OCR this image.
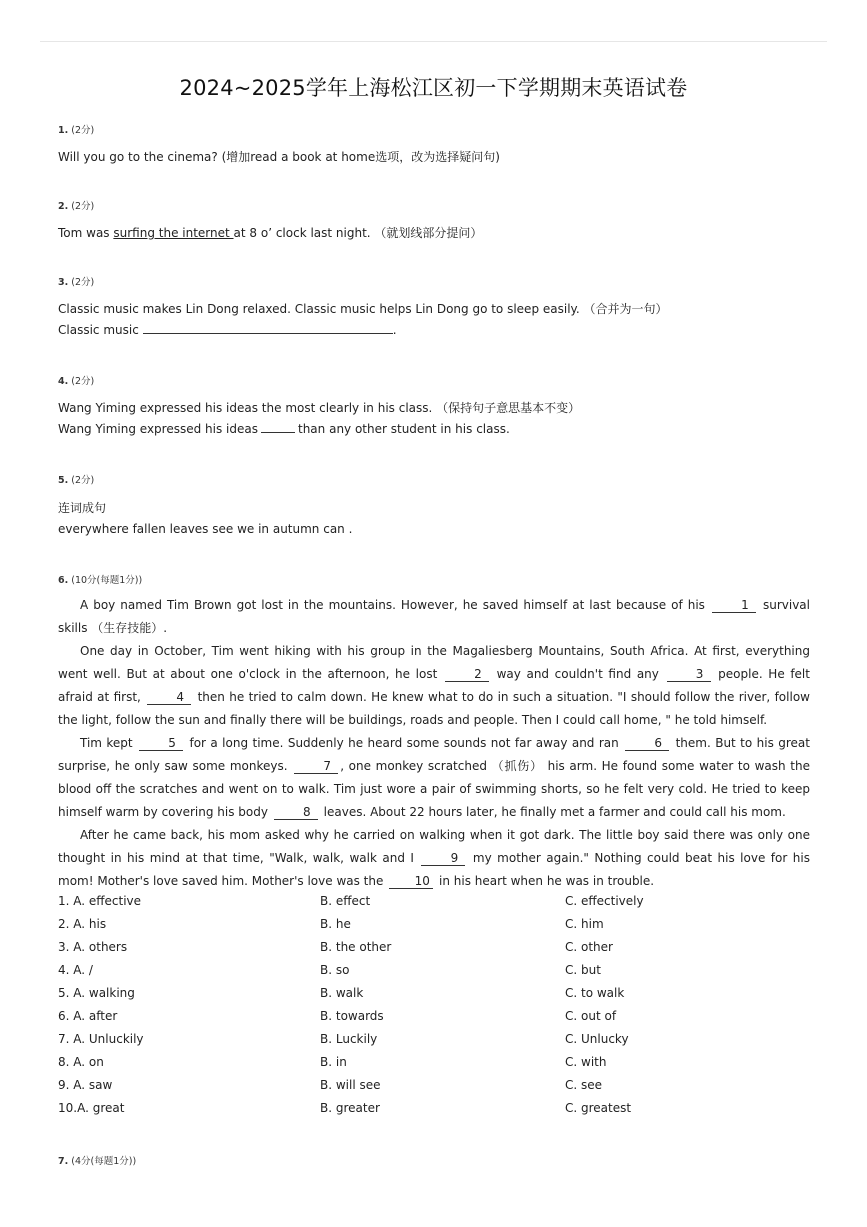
2024~2025学年上海松江区初一下学期期末英语试卷
1. (2分)
Will you go to the cinema? (增加read a book at home选项，改为选择疑问句)
2. (2分)
Tom was surfing the internet at 8 o’ clock last night. （就划线部分提问）
3. (2分)
Classic music makes Lin Dong relaxed. Classic music helps Lin Dong go to sleep easily. （合并为一句）
Classic music	.
4. (2分)
Wang Yiming expressed his ideas the most clearly in his class. （保持句子意思基本不变）
Wang Yiming expressed his ideas	than any other student in his class.
5. (2分)
连词成句
everywhere fallen leaves see we in autumn can .
6. (10分(每题1分))

A boy named Tim Brown got lost in the mountains. However, he saved himself at last because of his	1 survival skills （生存技能）.

One day in October, Tim went hiking with his group in the Magaliesberg Mountains, South Africa. At first, everything went well. But at about one o'clock in the afternoon, he lost	2 way and couldn't find any	3 people. He felt afraid at first,	4 then he tried to calm down. He knew what to do in such a situation. "I should follow the river, follow the light, follow the sun and finally there will be buildings, roads and people. Then I could call home, " he told himself.

Tim kept	5 for a long time. Suddenly he heard some sounds not far away and ran	6 them. But to his great surprise, he only saw some monkeys.	7 , one monkey scratched （抓伤） his arm. He found some water to wash the blood off the scratches and went on to walk. Tim just wore a pair of swimming shorts, so he felt very cold. He tried to keep himself warm by covering his body	8 leaves. About 22 hours later, he finally met a farmer and could call his mom.

After he came back, his mom asked why he carried on walking when it got dark. The little boy said there was only one thought in his mind at that time, "Walk, walk, walk and I	9 my mother again." Nothing could beat his love for his mom! Mother's love saved him. Mother's love was the	10 in his heart when he was in trouble.

1. A. effective	B. effect	C. effectively
2. A. his	B. he	C. him
3. A. others	B. the other	C. other
4. A. /	B. so	C. but
5. A. walking	B. walk	C. to walk
6. A. after	B. towards	C. out of
7. A. Unluckily	B. Luckily	C. Unlucky
8. A. on	B. in	C. with
9. A. saw	B. will see	C. see
10.A. great	B. greater	C. greatest
7. (4分(每题1分))
